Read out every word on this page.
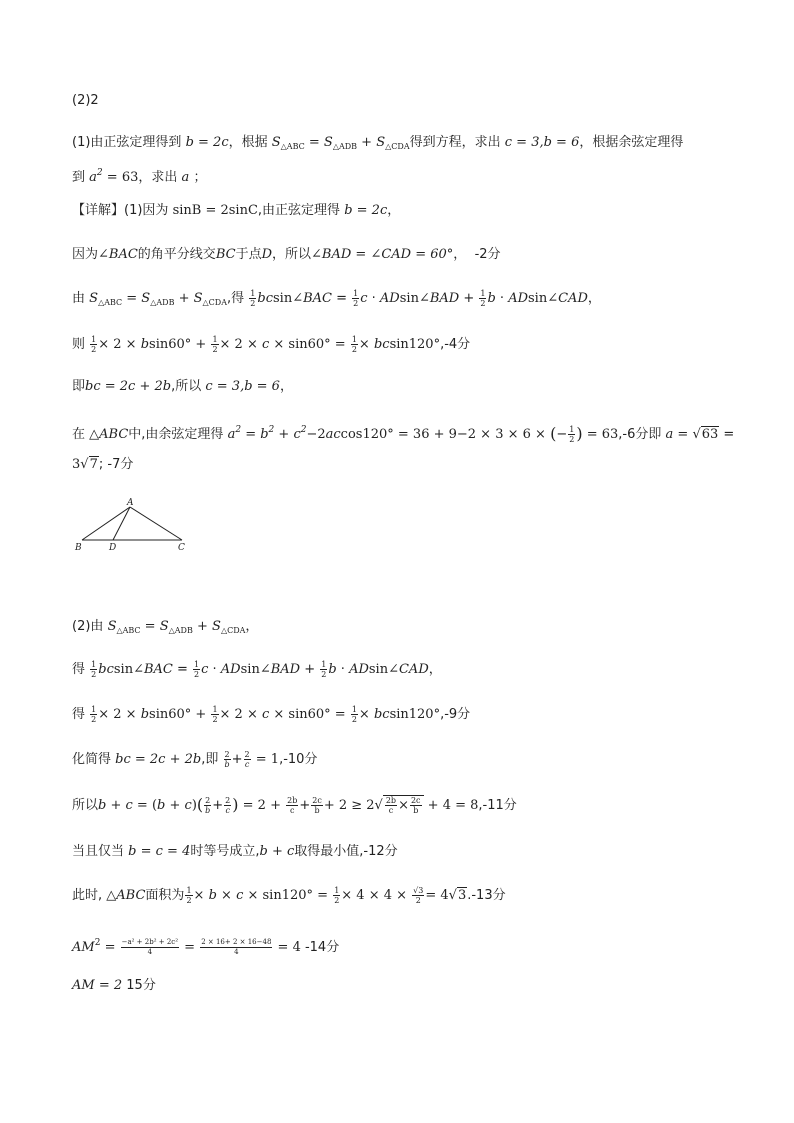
(2)2
(1)由正弦定理得到 b = 2c，根据 $S_{\triangle ABC} = S_{\triangle ADB} + S_{\triangle CDA}$得到方程，求出 c = 3,b = 6，根据余弦定理得
到 $a^2 = 63$，求出 a ；
【详解】(1)因为 sinB = 2sinC,由正弦定理得 b = 2c，
因为∠BAC的角平分线交BC于点D，所以∠BAD = ∠CAD = 60°， -2分
由 $S_{\triangle ABC} = S_{\triangle ADB} + S_{\triangle CDA}$,得 $\frac{1}{2}$ bcsin∠BAC = $\frac{1}{2}$ c · ADsin∠BAD + $\frac{1}{2}$ b · ADsin∠CAD，
则 $\frac{1}{2} \times 2 \times bsin60^\circ + \frac{1}{2} \times 2 \times c \times \sin 60^\circ = \frac{1}{2} \times bcsin120^\circ,-4$分
即bc = 2c + 2b,所以 c = 3,b = 6，
在 △ABC中,由余弦定理得 $a^2 = b^2 + c^2-2accos120^\circ = 36 + 9-2 \times 3 \times 6$ × (− $\frac{1}{2}$ ) = 63,-6分即 a = √63 =
3√7; -7分
A
B	D	C
(2)由 $S_{\triangle ABC} = S_{\triangle ADB} + S_{\triangle CDA}$，
得 $\frac{1}{2}$ bcsin∠BAC = $\frac{1}{2}$ c · ADsin∠BAD + $\frac{1}{2}$ b · ADsin∠CAD，
得 $\frac{1}{2} \times 2 \times bsin60^\circ + \frac{1}{2} \times 2 \times c \times \sin 60^\circ = \frac{1}{2} \times bcsin120^\circ,-9$分
化简得 bc = 2c + 2b,即 $\frac{2}{b} + \frac{2}{c} = 1,-10$分
所以$b + c = (b + c)( \frac{2}{b} + \frac{2}{c}$ ) = $2 + \frac{2b}{c} + \frac{2c}{b} + 2 \ge 2√ \frac{2b}{c} \times \frac{2c}{b} + 4 = 8,-11$分
当且仅当 b = c = 4时等号成立,b + c取得最小值,-12分
此时, △ABC面积为 $\frac{1}{2} \times b \times c \times \sin 120^\circ = \frac{1}{2} \times 4 \times 4 \times \frac{√3}{2} = 4√3.-13$分
$AM^2 = \frac{\text{−a² + 2b² + 2c²}}{4} = \frac{2 \times 16+ 2 \times 16-48}{4} = 4$ -14分
AM = 2 15分
